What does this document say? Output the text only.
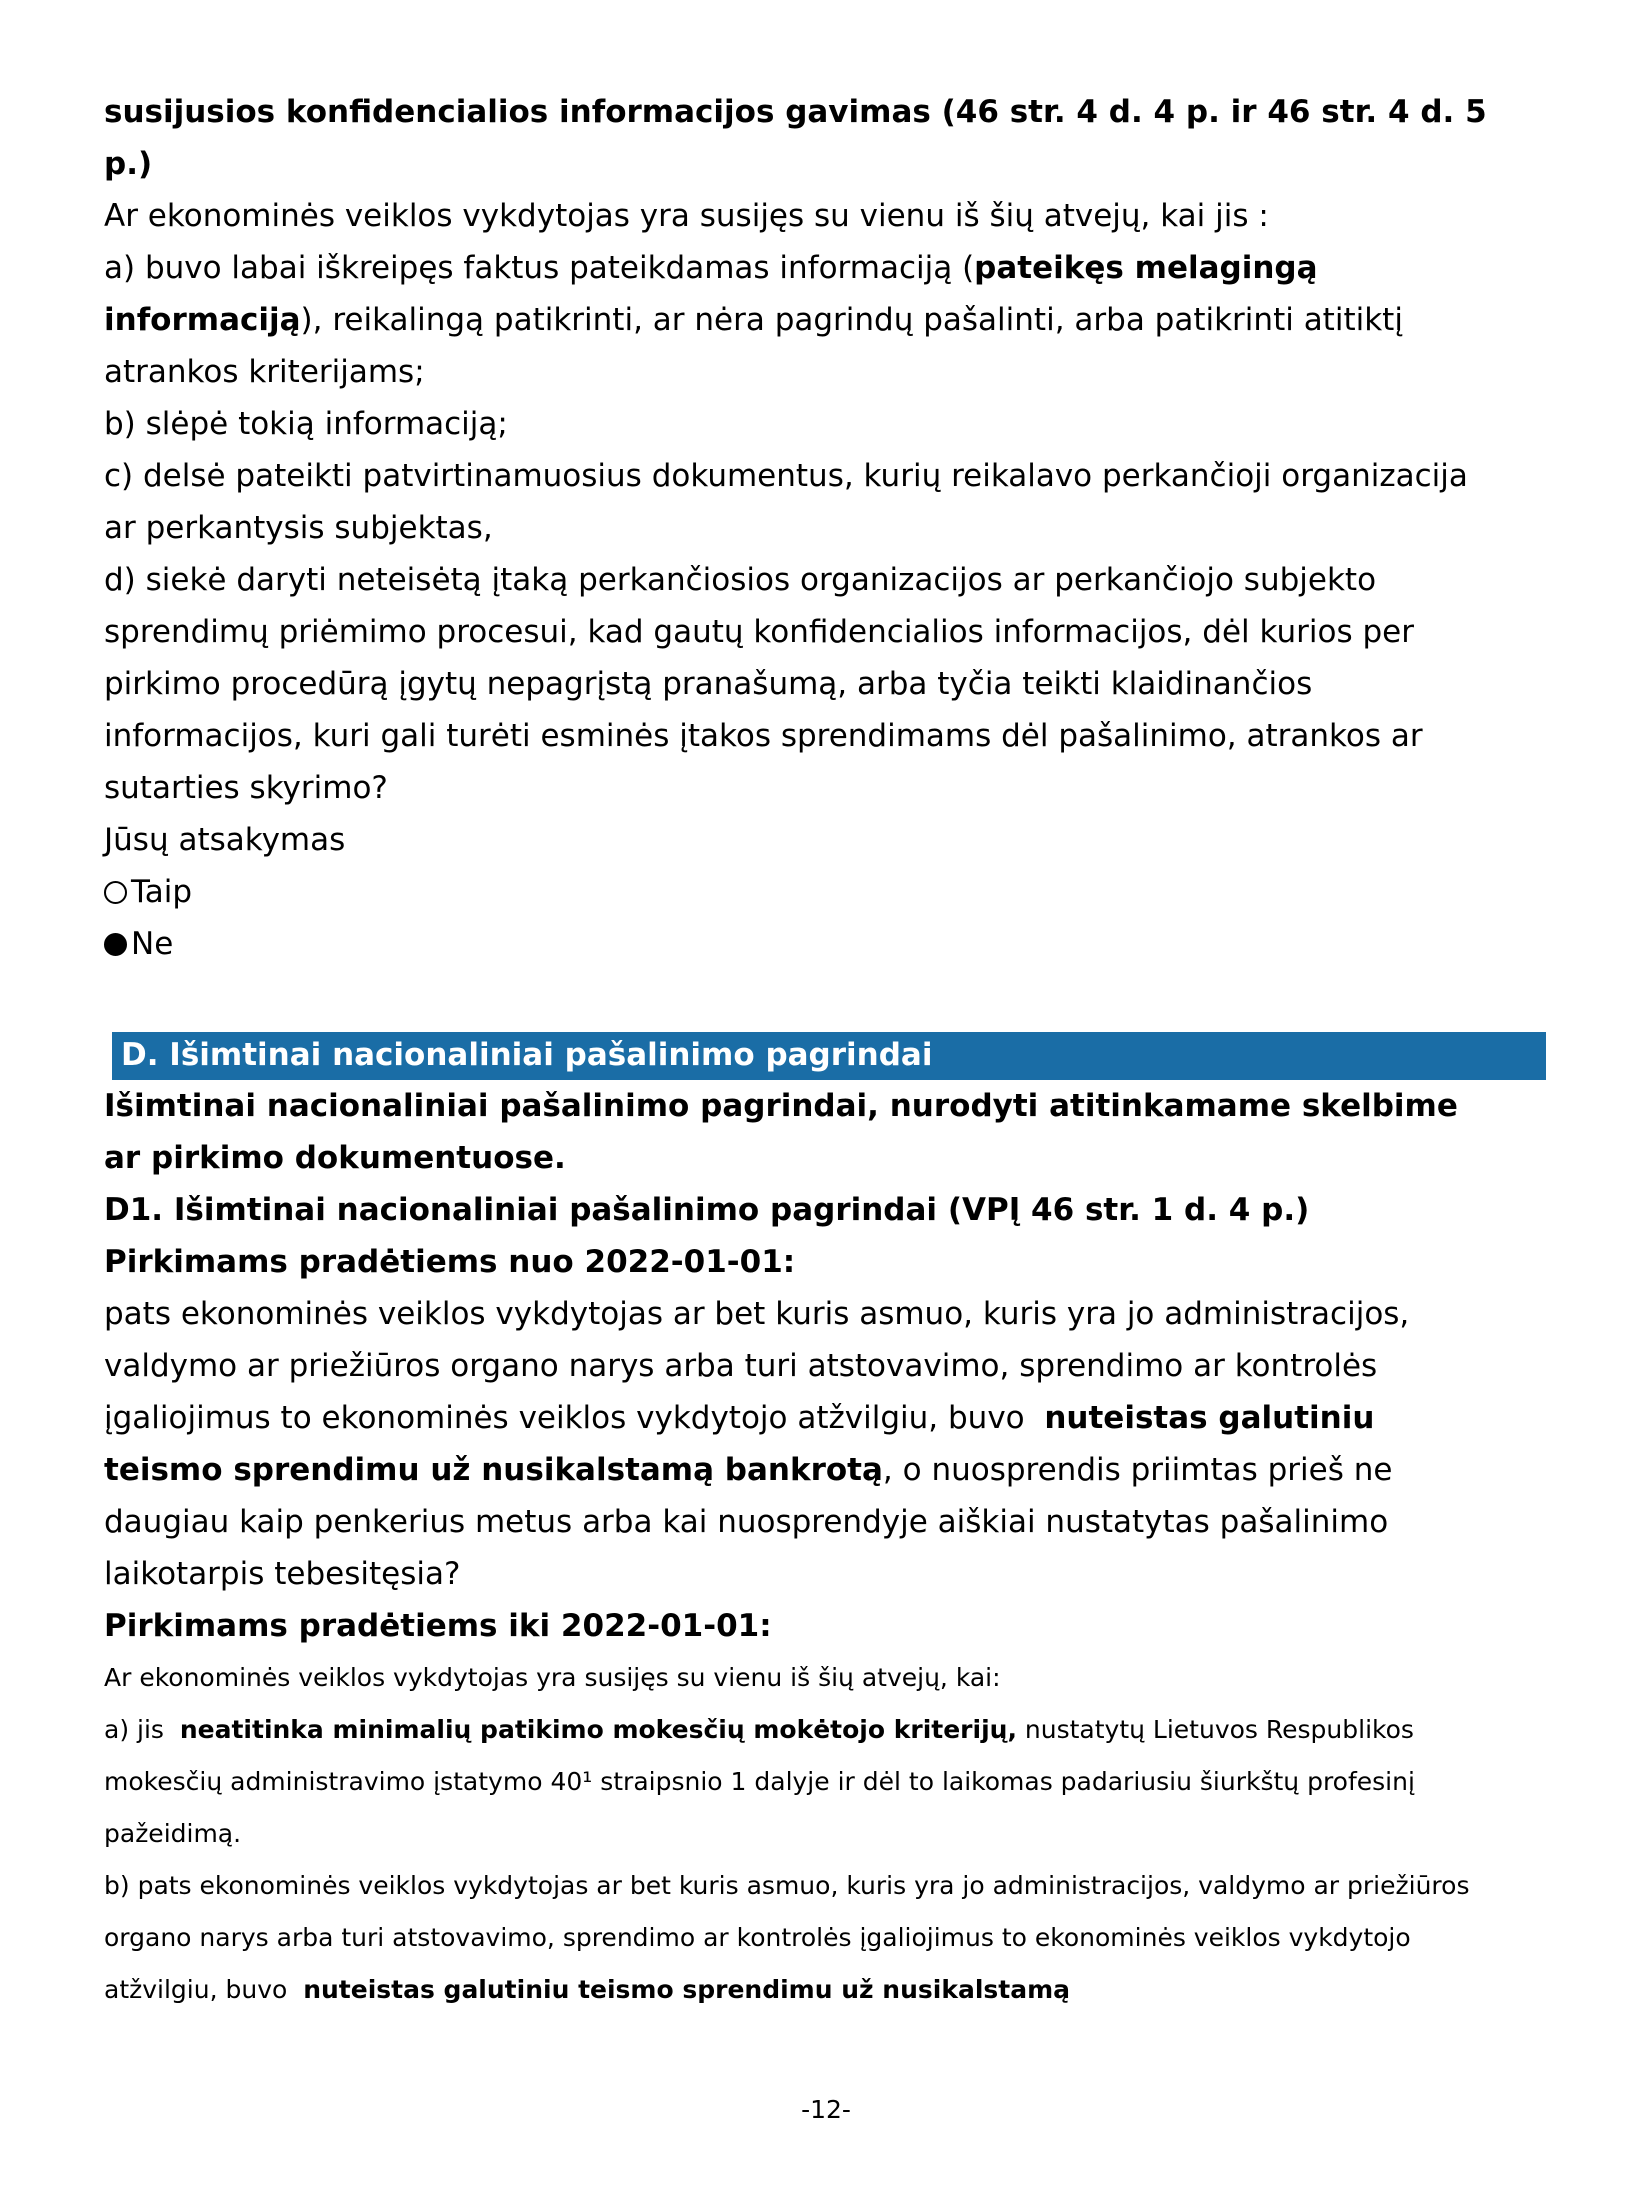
susijusios konfidencialios informacijos gavimas (46 str. 4 d. 4 p. ir 46 str. 4 d. 5 p.)

Ar ekonominės veiklos vykdytojas yra susijęs su vienu iš šių atvejų, kai jis :

a) buvo labai iškreipęs faktus pateikdamas informaciją (pateikęs melagingą informaciją), reikalingą patikrinti, ar nėra pagrindų pašalinti, arba patikrinti atitiktį atrankos kriterijams;

b) slėpė tokią informaciją;

c) delsė pateikti patvirtinamuosius dokumentus, kurių reikalavo perkančioji organizacija ar perkantysis subjektas,

d) siekė daryti neteisėtą įtaką perkančiosios organizacijos ar perkančiojo subjekto sprendimų priėmimo procesui, kad gautų konfidencialios informacijos, dėl kurios per pirkimo procedūrą įgytų nepagrįstą pranašumą, arba tyčia teikti klaidinančios informacijos, kuri gali turėti esminės įtakos sprendimams dėl pašalinimo, atrankos ar sutarties skyrimo?

Jūsų atsakymas

Taip
Ne
D. Išimtinai nacionaliniai pašalinimo pagrindai

Išimtinai nacionaliniai pašalinimo pagrindai, nurodyti atitinkamame skelbime ar pirkimo dokumentuose.

D1. Išimtinai nacionaliniai pašalinimo pagrindai (VPĮ 46 str. 1 d. 4 p.)

Pirkimams pradėtiems nuo 2022-01-01:

pats ekonominės veiklos vykdytojas ar bet kuris asmuo, kuris yra jo administracijos, valdymo ar priežiūros organo narys arba turi atstovavimo, sprendimo ar kontrolės įgaliojimus to ekonominės veiklos vykdytojo atžvilgiu, buvo  nuteistas galutiniu teismo sprendimu už nusikalstamą bankrotą, o nuosprendis priimtas prieš ne daugiau kaip penkerius metus arba kai nuosprendyje aiškiai nustatytas pašalinimo laikotarpis tebesitęsia?

Pirkimams pradėtiems iki 2022-01-01:

Ar ekonominės veiklos vykdytojas yra susijęs su vienu iš šių atvejų, kai:

a) jis  neatitinka minimalių patikimo mokesčių mokėtojo kriterijų, nustatytų Lietuvos Respublikos mokesčių administravimo įstatymo 40¹ straipsnio 1 dalyje ir dėl to laikomas padariusiu šiurkštų profesinį pažeidimą.

b) pats ekonominės veiklos vykdytojas ar bet kuris asmuo, kuris yra jo administracijos, valdymo ar priežiūros organo narys arba turi atstovavimo, sprendimo ar kontrolės įgaliojimus to ekonominės veiklos vykdytojo atžvilgiu, buvo  nuteistas galutiniu teismo sprendimu už nusikalstamą

-12-
